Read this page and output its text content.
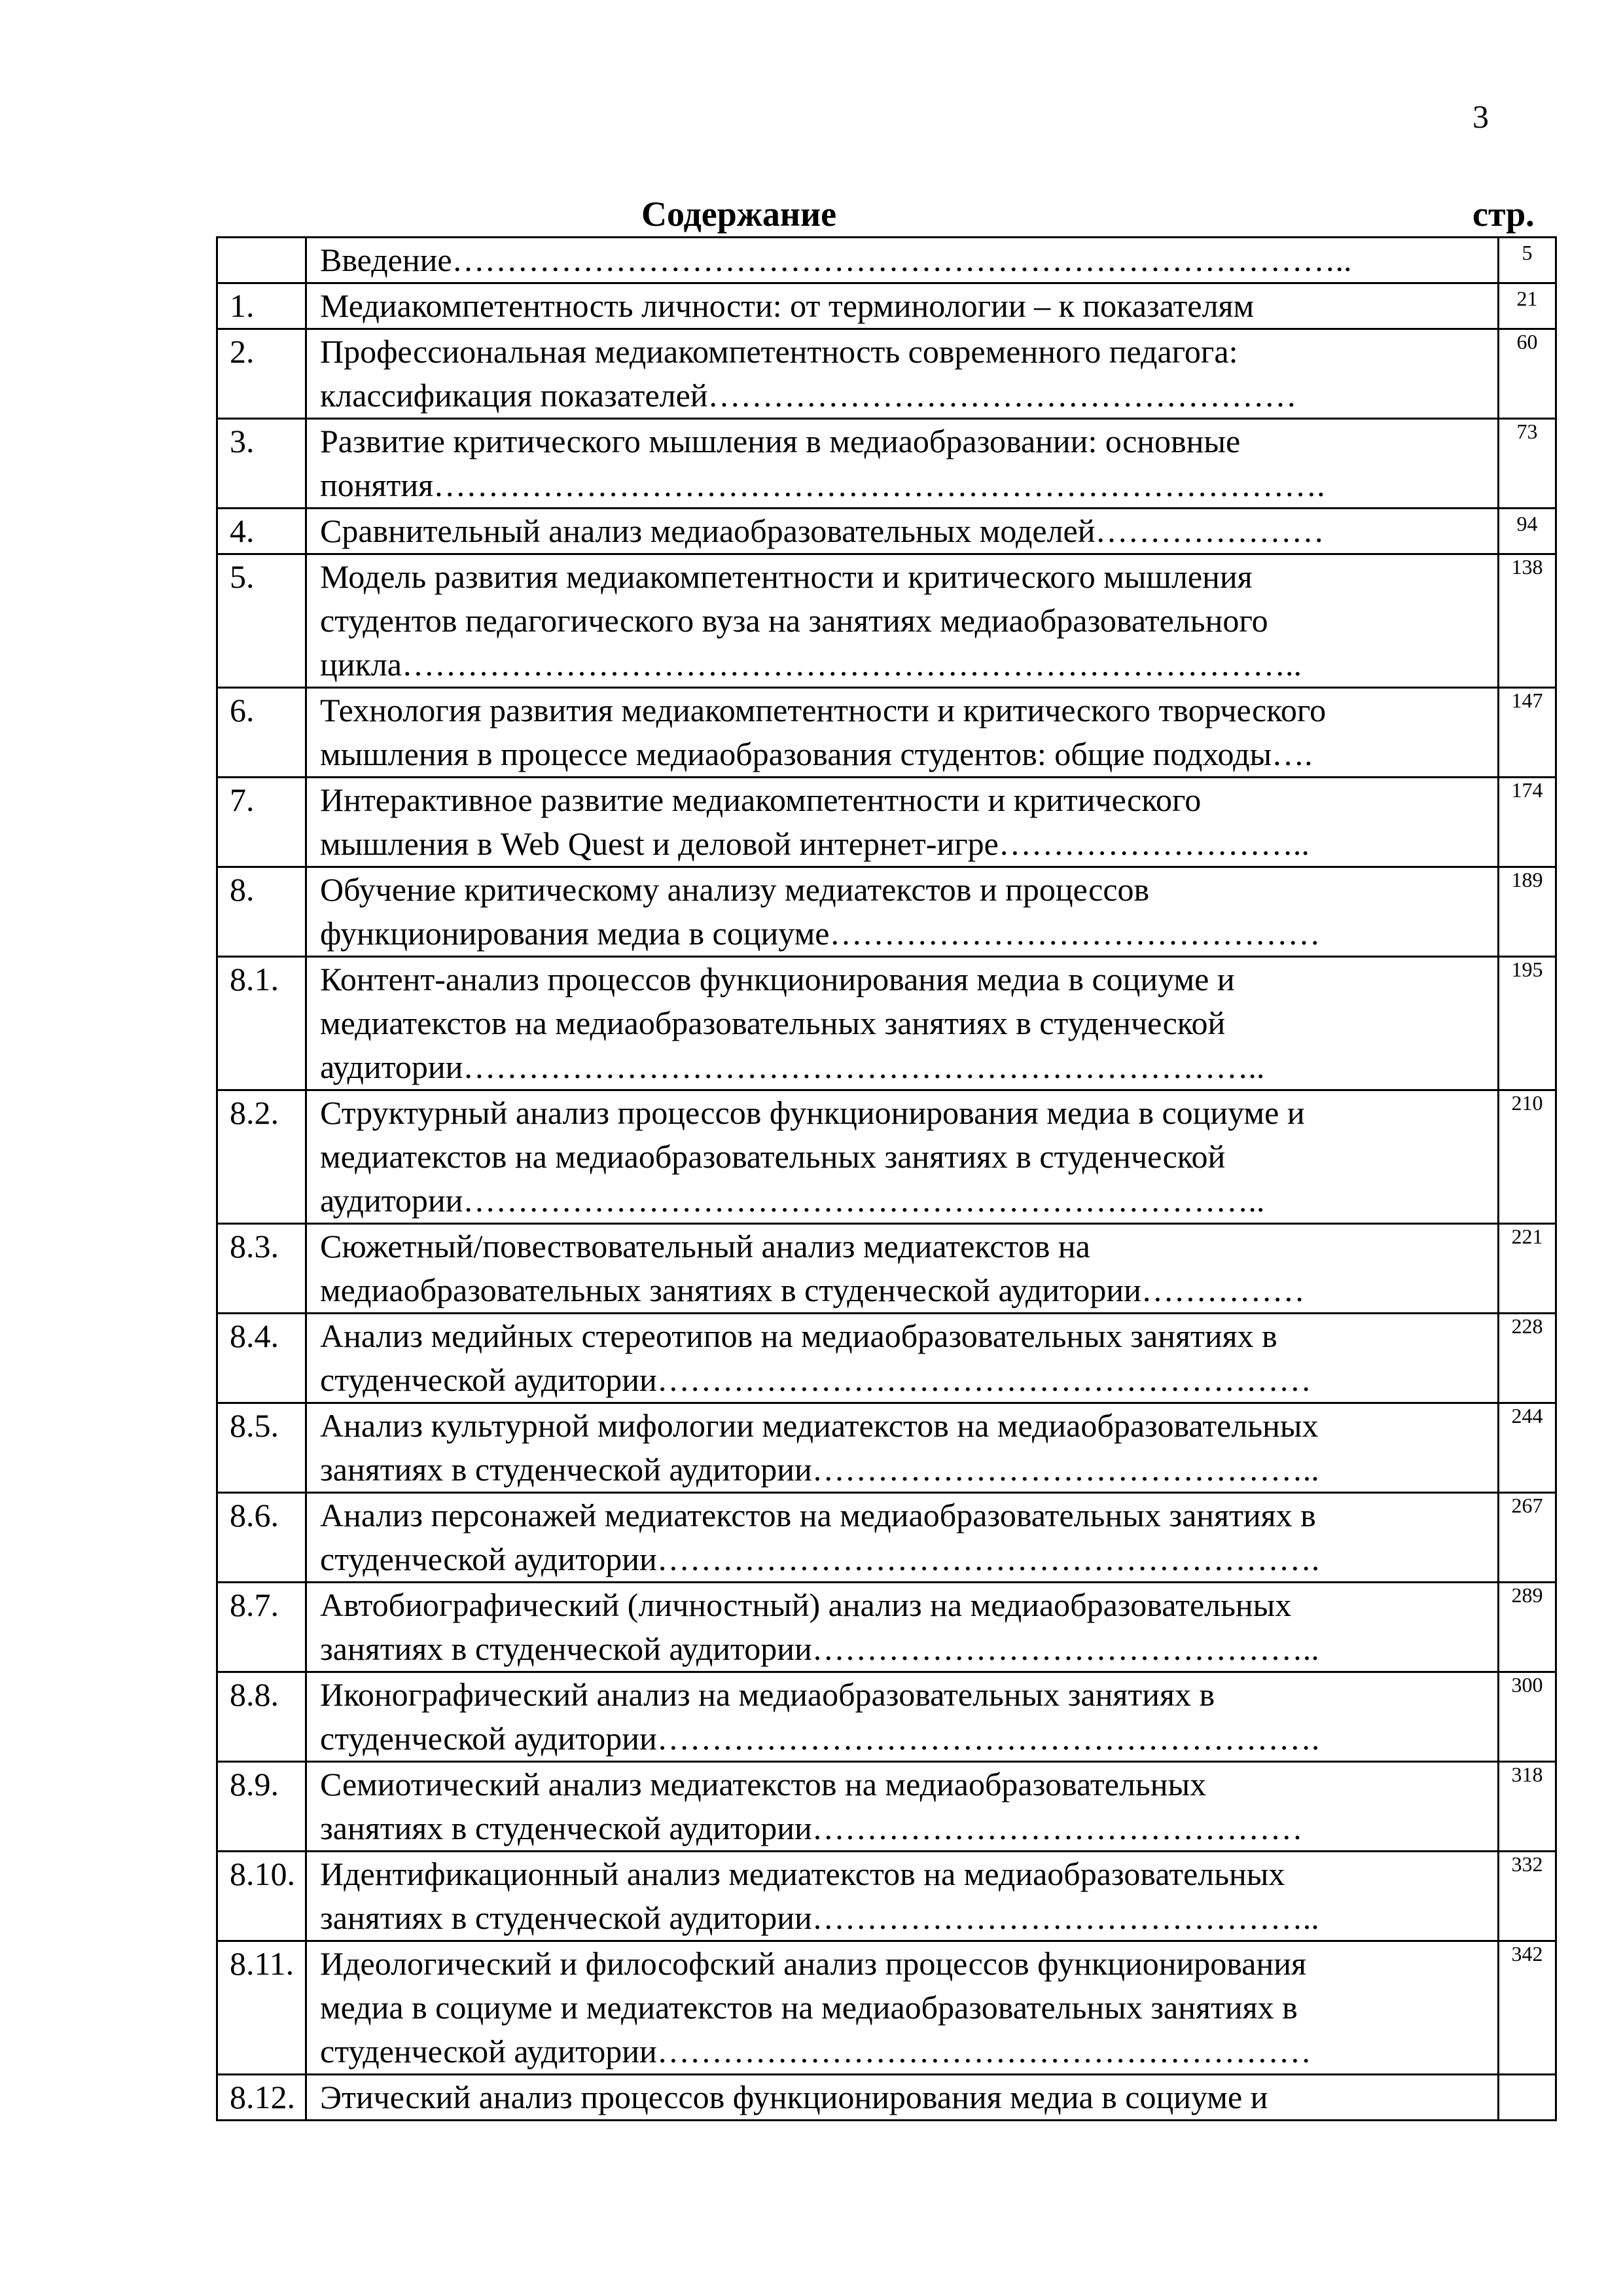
3
Содержание	стр.

	Введение………………………………………………………………………..	5
1.	Медиакомпетентность личности: от терминологии – к показателям	21
2.	Профессиональная медиакомпетентность современного педагога:
классификация показателей………………………………………………	60
3.	Развитие критического мышления в медиаобразовании: основные
понятия……………………………………………………………………….	73
4.	Сравнительный анализ медиаобразовательных моделей…………………	94
5.	Модель развития медиакомпетентности и критического мышления
студентов педагогического вуза на занятиях медиаобразовательного
цикла………………………………………………………………………..	138
6.	Технология развития медиакомпетентности и критического творческого
мышления в процессе медиаобразования студентов: общие подходы….	147
7.	Интерактивное развитие медиакомпетентности и критического
мышления в Web Quest и деловой интернет-игре………………………..	174
8.	Обучение критическому анализу медиатекстов и процессов
функционирования медиа в социуме………………………………………	189
8.1.	Контент-анализ процессов функционирования медиа в социуме и
медиатекстов на медиаобразовательных занятиях в студенческой
аудитории………………………………………………………………..	195
8.2.	Структурный анализ процессов функционирования медиа в социуме и
медиатекстов на медиаобразовательных занятиях в студенческой
аудитории………………………………………………………………..	210
8.3.	Сюжетный/повествовательный анализ медиатекстов на
медиаобразовательных занятиях в студенческой аудитории……………	221
8.4.	Анализ медийных стереотипов на медиаобразовательных занятиях в
студенческой аудитории……………………………………………………	228
8.5.	Анализ культурной мифологии медиатекстов на медиаобразовательных
занятиях в студенческой аудитории………………………………………..	244
8.6.	Анализ персонажей медиатекстов на медиаобразовательных занятиях в
студенческой аудитории…………………………………………………….	267
8.7.	Автобиографический (личностный) анализ на медиаобразовательных
занятиях в студенческой аудитории………………………………………..	289
8.8.	Иконографический анализ на медиаобразовательных занятиях в
студенческой аудитории…………………………………………………….	300
8.9.	Семиотический анализ медиатекстов на медиаобразовательных
занятиях в студенческой аудитории………………………………………	318
8.10.	Идентификационный анализ медиатекстов на медиаобразовательных
занятиях в студенческой аудитории………………………………………..	332
8.11.	Идеологический и философский анализ процессов функционирования
медиа в социуме и медиатекстов на медиаобразовательных занятиях в
студенческой аудитории……………………………………………………	342
8.12.	Этический анализ процессов функционирования медиа в социуме и	
